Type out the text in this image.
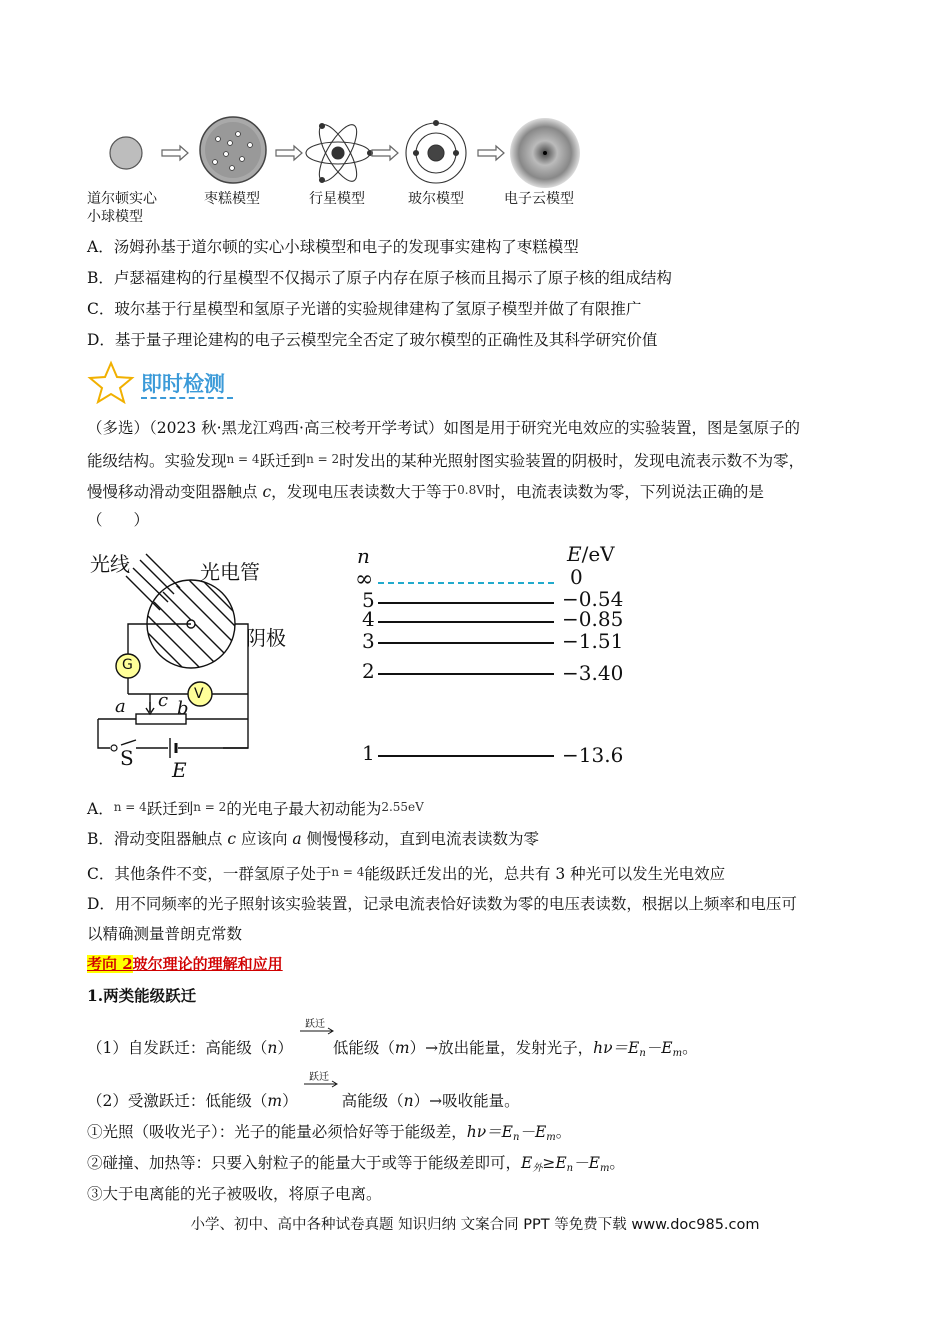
道尔顿实心
小球模型
枣糕模型	行星模型	玻尔模型	电子云模型
A．汤姆孙基于道尔顿的实心小球模型和电子的发现事实建构了枣糕模型
B．卢瑟福建构的行星模型不仅揭示了原子内存在原子核而且揭示了原子核的组成结构
C．玻尔基于行星模型和氢原子光谱的实验规律建构了氢原子模型并做了有限推广
D．基于量子理论建构的电子云模型完全否定了玻尔模型的正确性及其科学研究价值
即时检测
（多选）（2023 秋·黑龙江鸡西·高三校考开学考试）如图是用于研究光电效应的实验装置，图是氢原子的
能级结构。实验发现n = 4跃迁到n = 2时发出的某种光照射图实验装置的阴极时，发现电流表示数不为零，
慢慢移动滑动变阻器触点 c，发现电压表读数大于等于0.8V时，电流表读数为零，下列说法正确的是
（　　）
光线	光电管
阴极
G
V
a c b
S E
n	E/eV
∞	0
5	−0.54
4	−0.85
3	−1.51
2	−3.40
1	−13.6
A．n = 4跃迁到n = 2的光电子最大初动能为2.55eV
B．滑动变阻器触点 c 应该向 a 侧慢慢移动，直到电流表读数为零
C．其他条件不变，一群氢原子处于n = 4能级跃迁发出的光，总共有 3 种光可以发生光电效应
D．用不同频率的光子照射该实验装置，记录电流表恰好读数为零的电压表读数，根据以上频率和电压可
以精确测量普朗克常数
考向 2玻尔理论的理解和应用
1.两类能级跃迁
跃迁
（1）自发跃迁：高能级（n）	低能级（m）→放出能量，发射光子，$h\nu=E_n-E_m$。
跃迁
（2）受激跃迁：低能级（m）	高能级（n）→吸收能量。
①光照（吸收光子）：光子的能量必须恰好等于能级差，$h\nu=E_n-E_m$。
②碰撞、加热等：只要入射粒子的能量大于或等于能级差即可，$E_外\ge E_n-E_m$。
③大于电离能的光子被吸收，将原子电离。
小学、初中、高中各种试卷真题 知识归纳 文案合同 PPT 等免费下载 www.doc985.com
